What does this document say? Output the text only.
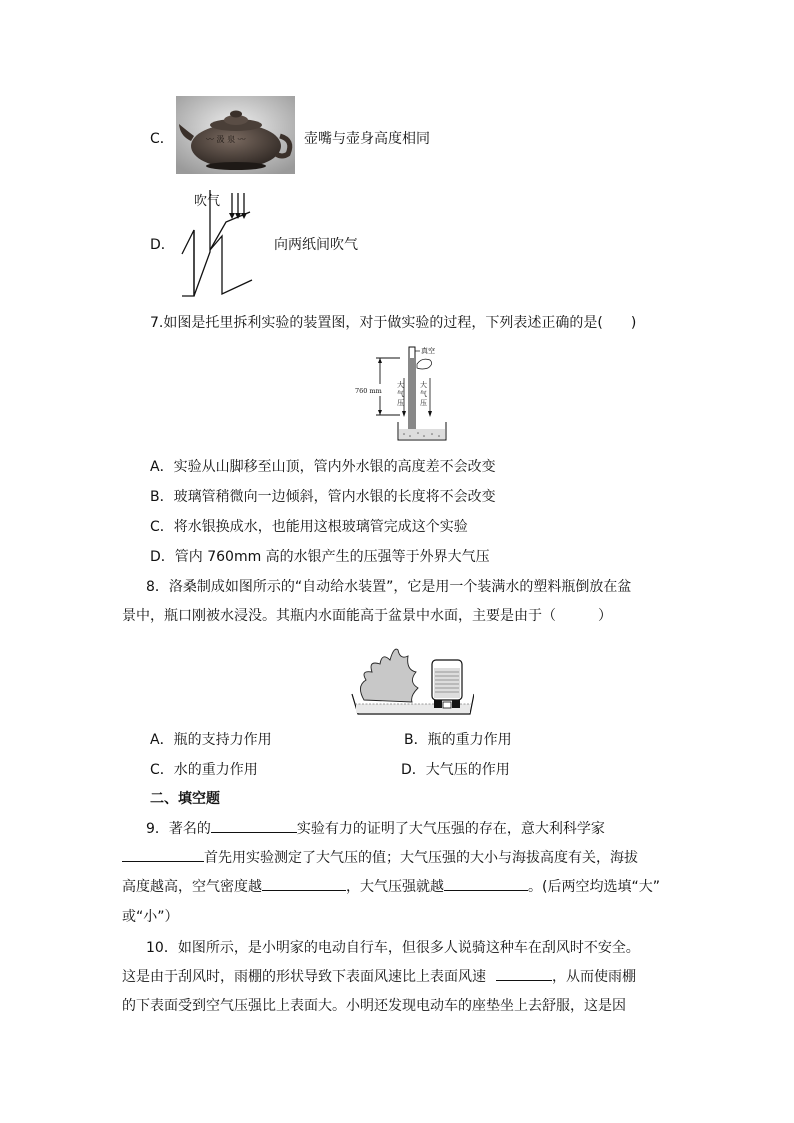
C．	〰 汲 泉 〰	壶嘴与壶身高度相同
D．
吹气
向两纸间吹气
7.如图是托里拆利实验的装置图，对于做实验的过程，下列表述正确的是(　　)
760 mm
真空
大
气
压
大
气
压
A．实验从山脚移至山顶，管内外水银的高度差不会改变
B．玻璃管稍微向一边倾斜，管内水银的长度将不会改变
C．将水银换成水，也能用这根玻璃管完成这个实验
D．管内 760mm 高的水银产生的压强等于外界大气压
8．洛桑制成如图所示的“自动给水装置”，它是用一个装满水的塑料瓶倒放在盆
景中，瓶口刚被水浸没。其瓶内水面能高于盆景中水面，主要是由于（　　　）
A．瓶的支持力作用	B．瓶的重力作用
C．水的重力作用	D．大气压的作用
二、填空题
9．著名的	实验有力的证明了大气压强的存在，意大利科学家
首先用实验测定了大气压的值；大气压强的大小与海拔高度有关，海拔
高度越高，空气密度越	，大气压强就越	。(后两空均选填“大”
或“小”）
10．如图所示，是小明家的电动自行车，但很多人说骑这种车在刮风时不安全。
这是由于刮风时，雨棚的形状导致下表面风速比上表面风速	，从而使雨棚
的下表面受到空气压强比上表面大。小明还发现电动车的座垫坐上去舒服，这是因
